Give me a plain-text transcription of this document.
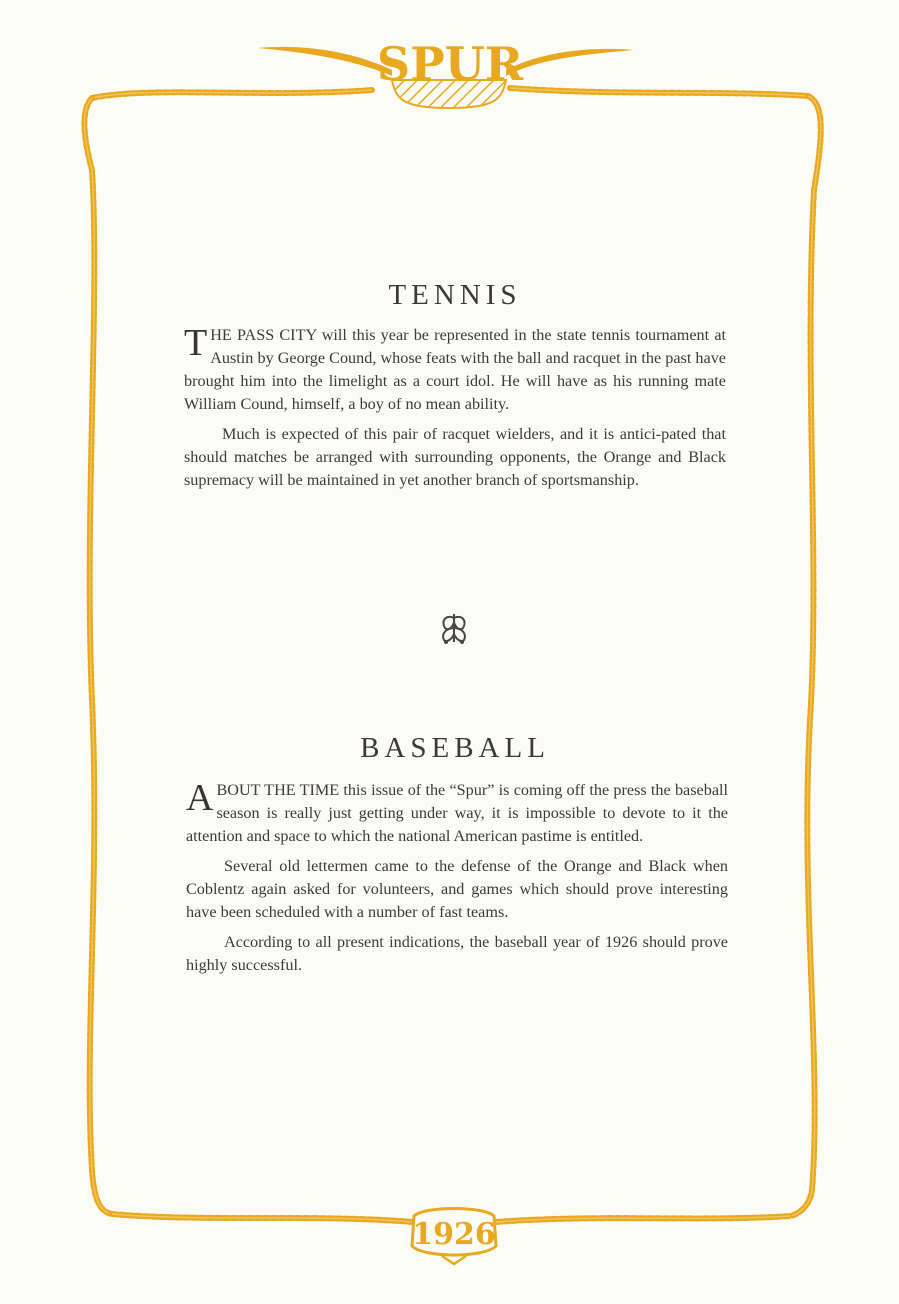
SPUR
1926
TENNIS

THE PASS CITY will this year be represented in the state tennis tournament at Austin by George Cound, whose feats with the ball and racquet in the past have brought him into the limelight as a court idol. He will have as his running mate William Cound, himself, a boy of no mean ability.

Much is expected of this pair of racquet wielders, and it is antici-pated that should matches be arranged with surrounding opponents, the Orange and Black supremacy will be maintained in yet another branch of sportsmanship.

BASEBALL

ABOUT THE TIME this issue of the “Spur” is coming off the press the baseball season is really just getting under way, it is impossible to devote to it the attention and space to which the national American pastime is entitled.

Several old lettermen came to the defense of the Orange and Black when Coblentz again asked for volunteers, and games which should prove interesting have been scheduled with a number of fast teams.

According to all present indications, the baseball year of 1926 should prove highly successful.
